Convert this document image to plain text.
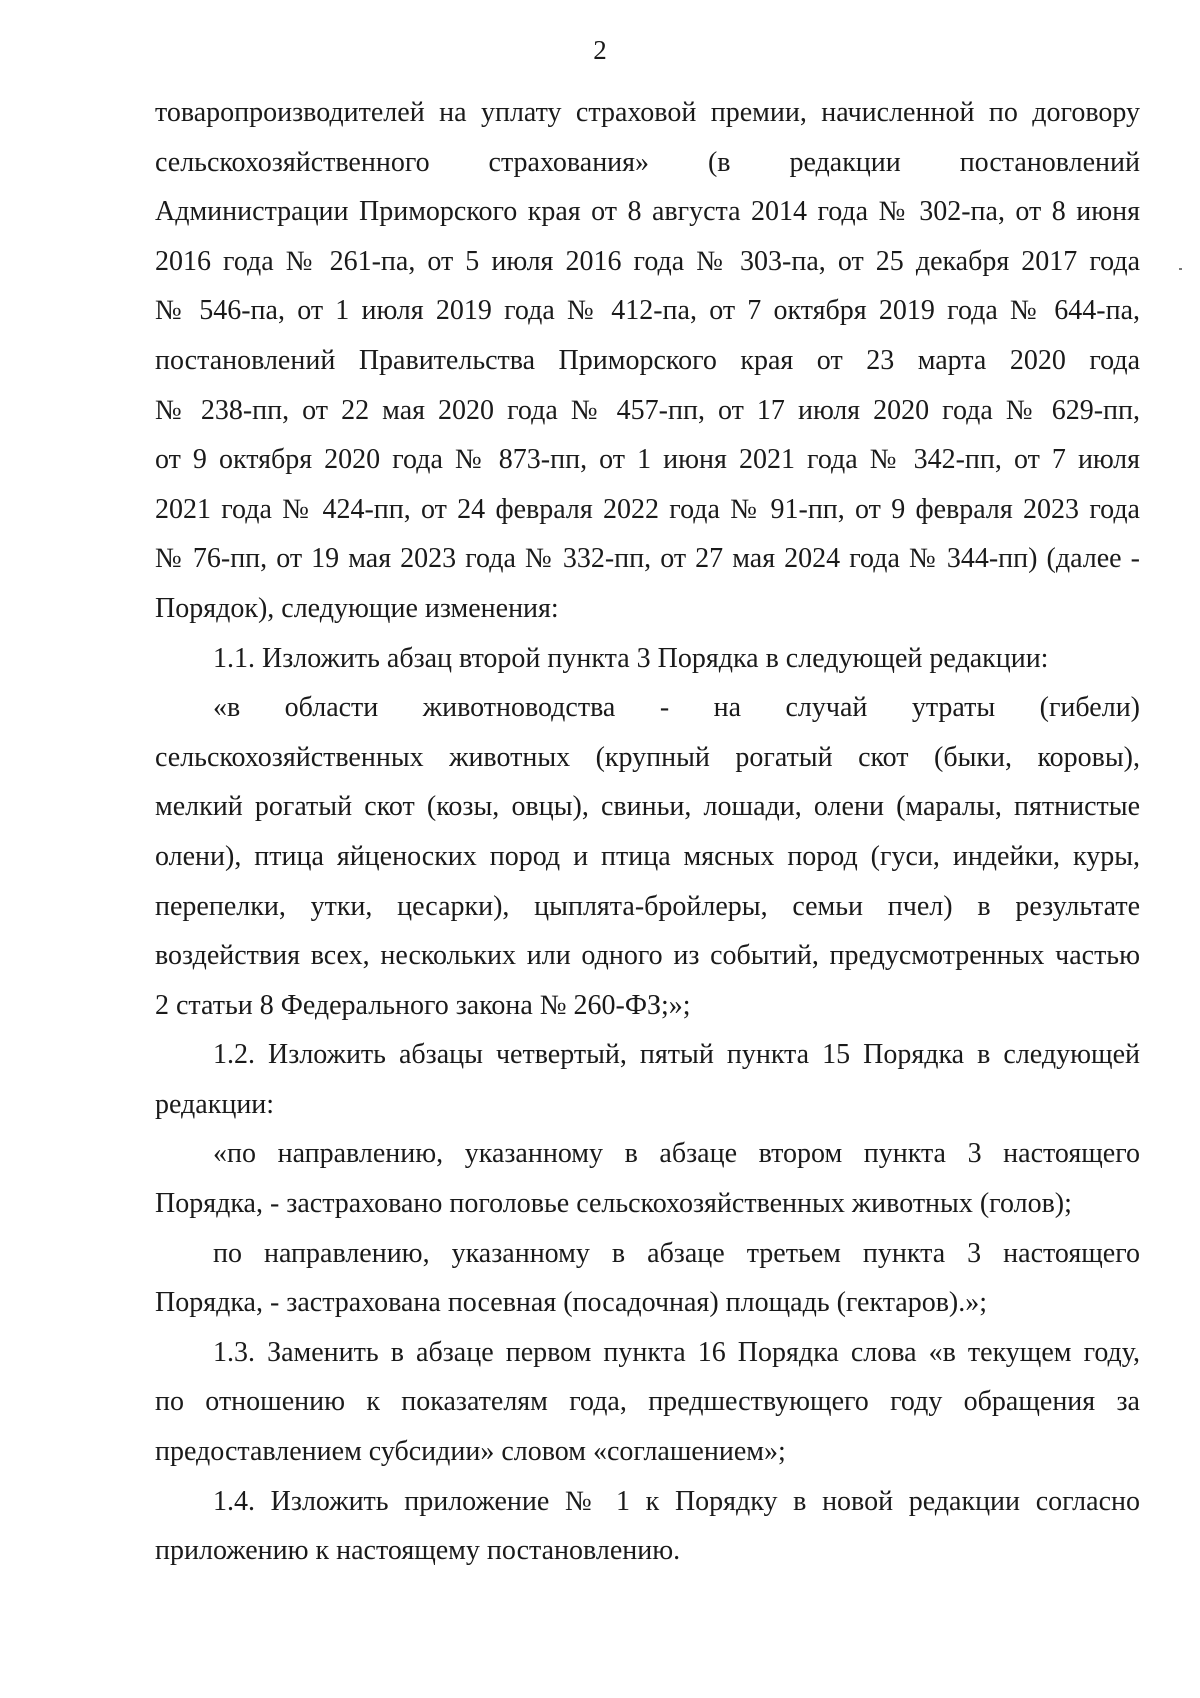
2

товаропроизводителей на уплату страховой премии, начисленной по договору
сельскохозяйственного страхования» (в редакции постановлений
Администрации Приморского края от 8 августа 2014 года № 302-па, от 8 июня
2016 года № 261-па, от 5 июля 2016 года № 303-па, от 25 декабря 2017 года
№ 546-па, от 1 июля 2019 года № 412-па, от 7 октября 2019 года № 644-па,
постановлений Правительства Приморского края от 23 марта 2020 года
№ 238-пп, от 22 мая 2020 года № 457-пп, от 17 июля 2020 года № 629-пп,
от 9 октября 2020 года № 873-пп, от 1 июня 2021 года № 342-пп, от 7 июля
2021 года № 424-пп, от 24 февраля 2022 года № 91-пп, от 9 февраля 2023 года
№ 76-пп, от 19 мая 2023 года № 332-пп, от 27 мая 2024 года № 344-пп) (далее -
Порядок), следующие изменения:

1.1. Изложить абзац второй пункта 3 Порядка в следующей редакции:

«в области животноводства - на случай утраты (гибели)
сельскохозяйственных животных (крупный рогатый скот (быки, коровы),
мелкий рогатый скот (козы, овцы), свиньи, лошади, олени (маралы, пятнистые
олени), птица яйценоских пород и птица мясных пород (гуси, индейки, куры,
перепелки, утки, цесарки), цыплята-бройлеры, семьи пчел) в результате
воздействия всех, нескольких или одного из событий, предусмотренных частью
2 статьи 8 Федерального закона № 260-ФЗ;»;

1.2. Изложить абзацы четвертый, пятый пункта 15 Порядка в следующей
редакции:

«по направлению, указанному в абзаце втором пункта 3 настоящего
Порядка, - застраховано поголовье сельскохозяйственных животных (голов);

по направлению, указанному в абзаце третьем пункта 3 настоящего
Порядка, - застрахована посевная (посадочная) площадь (гектаров).»;

1.3. Заменить в абзаце первом пункта 16 Порядка слова «в текущем году,
по отношению к показателям года, предшествующего году обращения за
предоставлением субсидии» словом «соглашением»;

1.4. Изложить приложение № 1 к Порядку в новой редакции согласно
приложению к настоящему постановлению.
